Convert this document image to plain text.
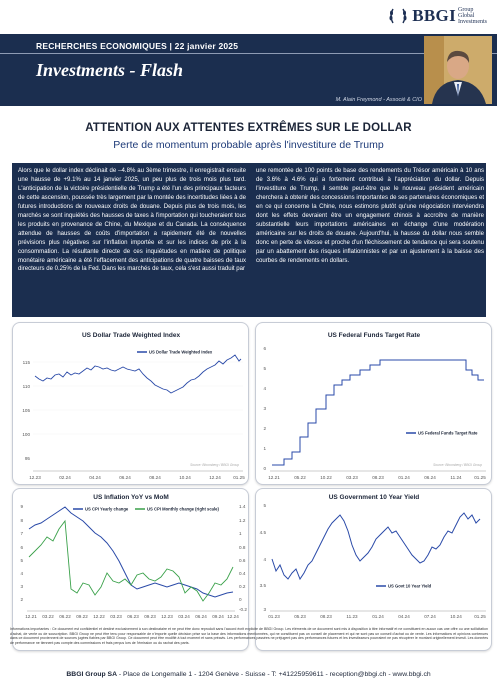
BBGI Group
Global
Investments
RECHERCHES ECONOMIQUES | 22 janvier 2025
Investments - Flash
M. Alain Freymond - Associé & CIO
ATTENTION AUX ATTENTES EXTRÊMES SUR LE DOLLAR
Perte de momentum probable après l'investiture de Trump
Alors que le dollar index déclinait de –4.8% au 3ème trimestre, il enregistrait ensuite une hausse de +9.1% au 14 janvier 2025, un peu plus de trois mois plus tard. L'anticipation de la victoire présidentielle de Trump a été l'un des principaux facteurs de cette ascension, poussée très largement par la montée des incertitudes liées à de futures introductions de nouveaux droits de douane. Depuis plus de trois mois, les marchés se sont inquiétés des hausses de taxes à l'importation qui toucheraient tous les produits en provenance de Chine, du Mexique et du Canada. La conséquence attendue de hausses de coûts d'importation a rapidement été de nouvelles prévisions plus négatives sur l'inflation importée et sur les indices de prix à la consommation. La résultante directe de ces inquiétudes en matière de politique monétaire américaine a été l'effacement des anticipations de quatre baisses de taux directeurs de 0.25% de la Fed. Dans les marchés de taux, cela s'est aussi traduit par
une remontée de 100 points de base des rendements du Trésor américain à 10 ans de 3.6% à 4.6% qui a fortement contribué à l'appréciation du dollar. Depuis l'investiture de Trump, il semble peut-être que le nouveau président américain cherchera à obtenir des concessions importantes de ses partenaires économiques et en ce qui concerne la Chine, nous estimons plutôt qu'une négociation interviendra dont les effets devraient être un engagement chinois à accroître de manière substantielle leurs importations américaines en échange d'une modération américaine sur les droits de douane. Aujourd'hui, la hausse du dollar nous semble donc en perte de vitesse et proche d'un fléchissement de tendance qui sera soutenu par un abattement des risques inflationnistes et par un ajustement à la baisse des courbes de rendements en dollars.
US Dollar Trade Weighted Index
115
110
105
100
95
12.23	02.24	04.24	06.24	08.24	10.24	12.24	01.25
US Dollar Trade Weighted Index
Source: Bloomberg / BBGI Group
US Federal Funds Target Rate
6
5
4
3
2
1
0
12.21	05.22	10.22	03.23	08.23	01.24	06.24	11.24	01.25
US Federal Funds Target Rate
Source: Bloomberg / BBGI Group
US Inflation YoY vs MoM
9
8
7
6
5
4
3
2
1.4
1.2
1
0.8
0.6
0.4
0.2
0
-0.2
12.21 03.22 06.22 09.22 12.22 03.23 06.23 09.23 12.23 03.24 06.24 09.24 12.24
US CPI Yearly change	US CPI Monthly change (right scale)
US Government 10 Year Yield
5
4.5
4
3.5
3
01.23	05.23	08.23	11.23	01.24	04.24	07.24	10.24	01.25
US Govt 10 Year Yield
Informations importantes : Ce document est confidentiel et destiné exclusivement à son destinataire et ne peut être donc reproduit sans l'accord écrit explicite de BBGI Group. Les éléments de ce document sont mis à disposition à titre informatif et ne constituent en aucun cas une offre ou une sollicitation d'achat, de vente ou de souscription. BBGI Group ne peut être tenu pour responsable de n'importe quelle décision prise sur la base des informations mentionnées, qui ne constituent pas un conseil de placement et qui ne sont pas un conseil d'achat ou de vente. Les informations et opinions contenues dans ce document proviennent de sources jugées fiables par BBGI Group. Ce document peut être modifié à tout moment et sans préavis. Les performances passées ne préjugent pas des performances futures et les investisseurs pourraient ne pas récupérer le montant originellement investi. Les données de performance ne tiennent pas compte des commissions et frais perçus lors de l'émission ou du rachat des parts.
BBGI Group SA - Place de Longemalle 1 - 1204 Genève - Suisse - T: +41225959611 - reception@bbgi.ch - www.bbgi.ch
